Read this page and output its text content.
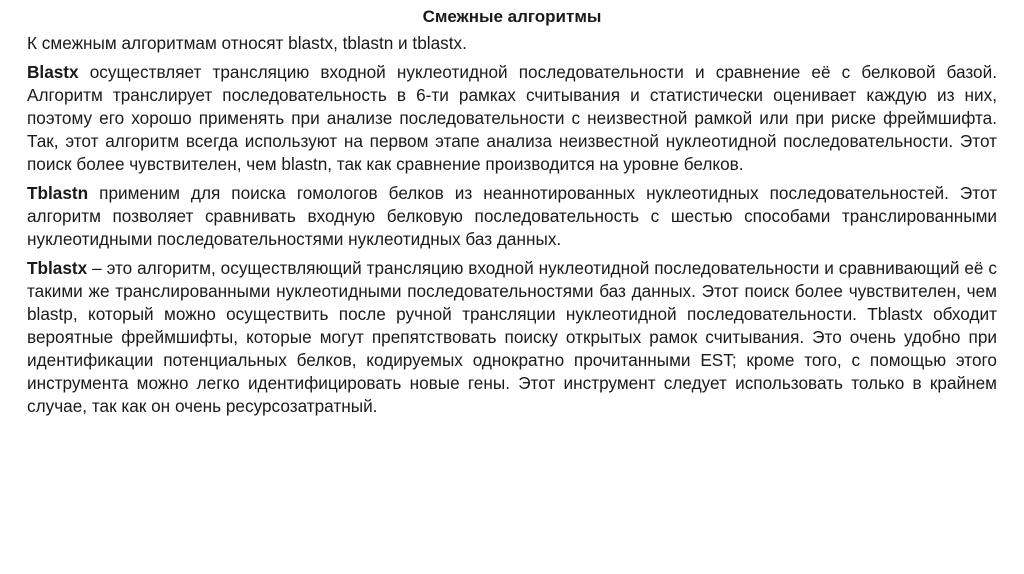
Смежные алгоритмы
К смежным алгоритмам относят blastx, tblastn и tblastx.

Blastx осуществляет трансляцию входной нуклеотидной последовательности и сравнение её с белковой базой. Алгоритм транслирует последовательность в 6-ти рамках считывания и статистически оценивает каждую из них, поэтому его хорошо применять при анализе последовательности с неизвестной рамкой или при риске фреймшифта. Так, этот алгоритм всегда используют на первом этапе анализа неизвестной нуклеотидной последовательности. Этот поиск более чувствителен, чем blastn, так как сравнение производится на уровне белков.

Tblastn применим для поиска гомологов белков из неаннотированных нуклеотидных последовательностей. Этот алгоритм позволяет сравнивать входную белковую последовательность с шестью способами транслированными нуклеотидными последовательностями нуклеотидных баз данных.

Tblastx – это алгоритм, осуществляющий трансляцию входной нуклеотидной последовательности и сравнивающий её с такими же транслированными нуклеотидными последовательностями баз данных. Этот поиск более чувствителен, чем blastp, который можно осуществить после ручной трансляции нуклеотидной последовательности. Tblastx обходит вероятные фреймшифты, которые могут препятствовать поиску открытых рамок считывания. Это очень удобно при идентификации потенциальных белков, кодируемых однократно прочитанными EST; кроме того, с помощью этого инструмента можно легко идентифицировать новые гены. Этот инструмент следует использовать только в крайнем случае, так как он очень ресурсозатратный.
